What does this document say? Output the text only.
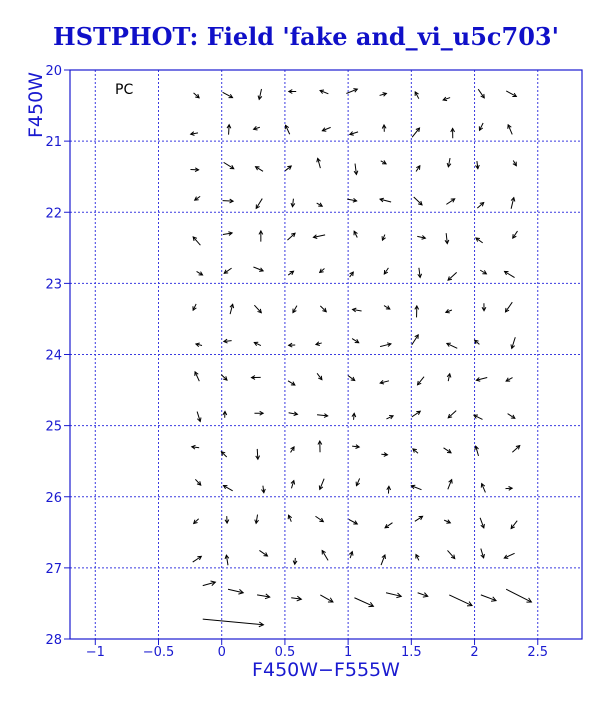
HSTPHOT: Field 'fake and_vi_u5c703'
−1	−0.5	0	0.5	1	1.5	2	2.5
20
21
22
23
24
25
26
27
28
PC
F450W−F555W
F450W
